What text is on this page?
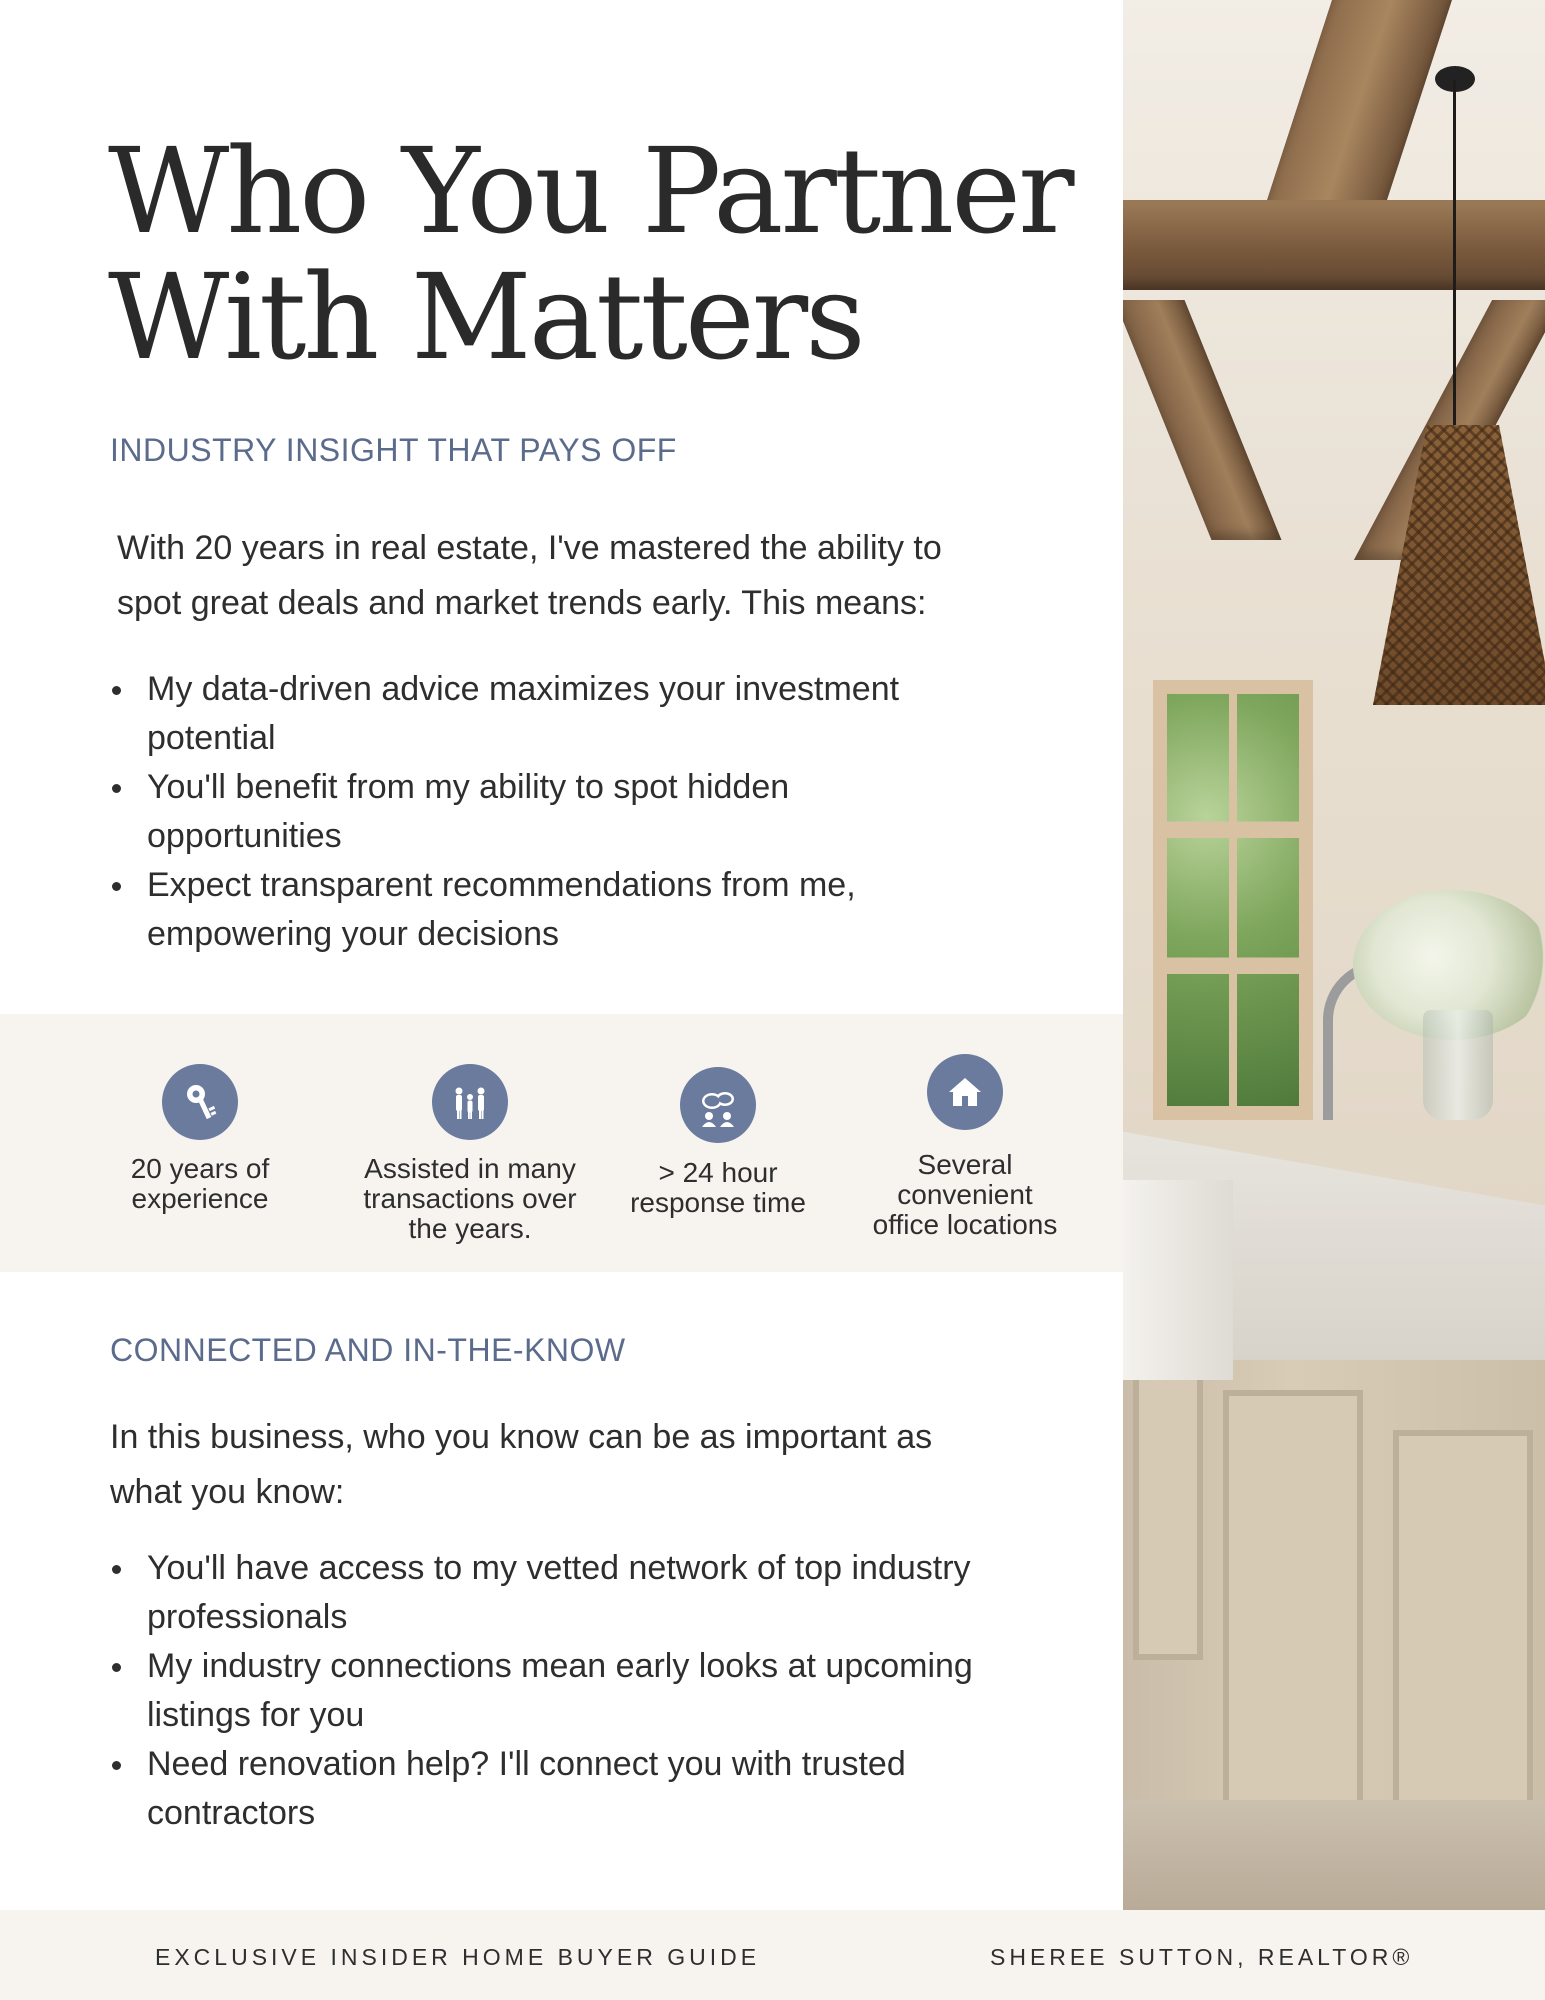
Who You Partner
With Matters
INDUSTRY INSIGHT THAT PAYS OFF
With 20 years in real estate, I've mastered the ability to
spot great deals and market trends early. This means:
My data-driven advice maximizes your investment
potential
You'll benefit from my ability to spot hidden
opportunities
Expect transparent recommendations from me,
empowering your decisions
20 years of
experience
Assisted in many
transactions over
the years.
> 24 hour
response time
Several
convenient
office locations
CONNECTED AND IN-THE-KNOW
In this business, who you know can be as important as
what you know:
You'll have access to my vetted network of top industry
professionals
My industry connections mean early looks at upcoming
listings for you
Need renovation help? I'll connect you with trusted
contractors
EXCLUSIVE INSIDER HOME BUYER GUIDE	SHEREE SUTTON, REALTOR®
